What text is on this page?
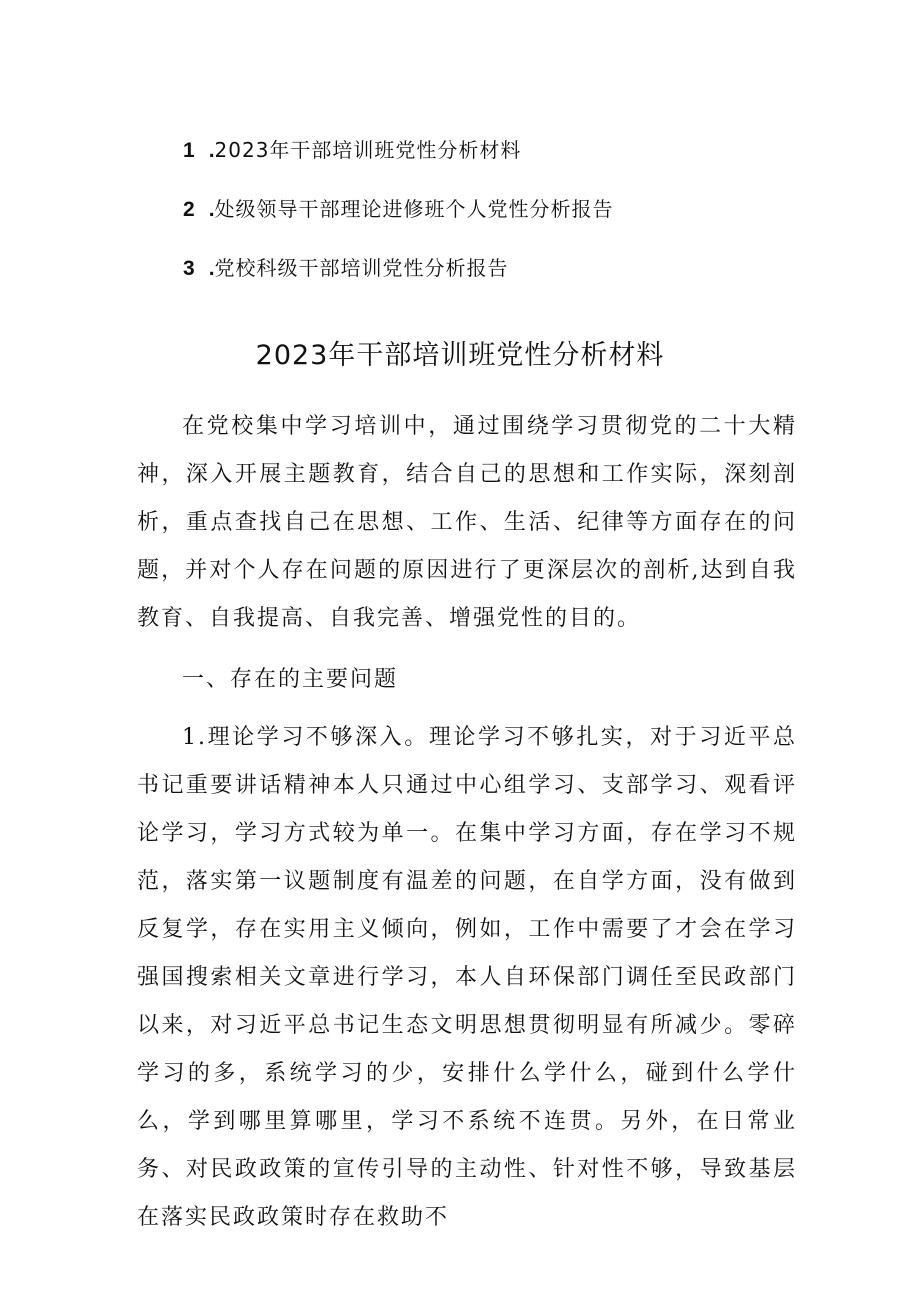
1 .2023年干部培训班党性分析材料
2 .处级领导干部理论进修班个人党性分析报告
3 .党校科级干部培训党性分析报告
2023年干部培训班党性分析材料

在党校集中学习培训中，通过围绕学习贯彻党的二十大精神，深入开展主题教育，结合自己的思想和工作实际，深刻剖析，重点查找自己在思想、工作、生活、纪律等方面存在的问题，并对个人存在问题的原因进行了更深层次的剖析,达到自我教育、自我提高、自我完善、增强党性的目的。

一、存在的主要问题

1.理论学习不够深入。理论学习不够扎实，对于习近平总书记重要讲话精神本人只通过中心组学习、支部学习、观看评论学习，学习方式较为单一。在集中学习方面，存在学习不规范，落实第一议题制度有温差的问题，在自学方面，没有做到反复学，存在实用主义倾向，例如，工作中需要了才会在学习强国搜索相关文章进行学习，本人自环保部门调任至民政部门以来，对习近平总书记生态文明思想贯彻明显有所减少。零碎学习的多，系统学习的少，安排什么学什么，碰到什么学什么，学到哪里算哪里，学习不系统不连贯。另外，在日常业务、对民政政策的宣传引导的主动性、针对性不够，导致基层在落实民政政策时存在救助不
